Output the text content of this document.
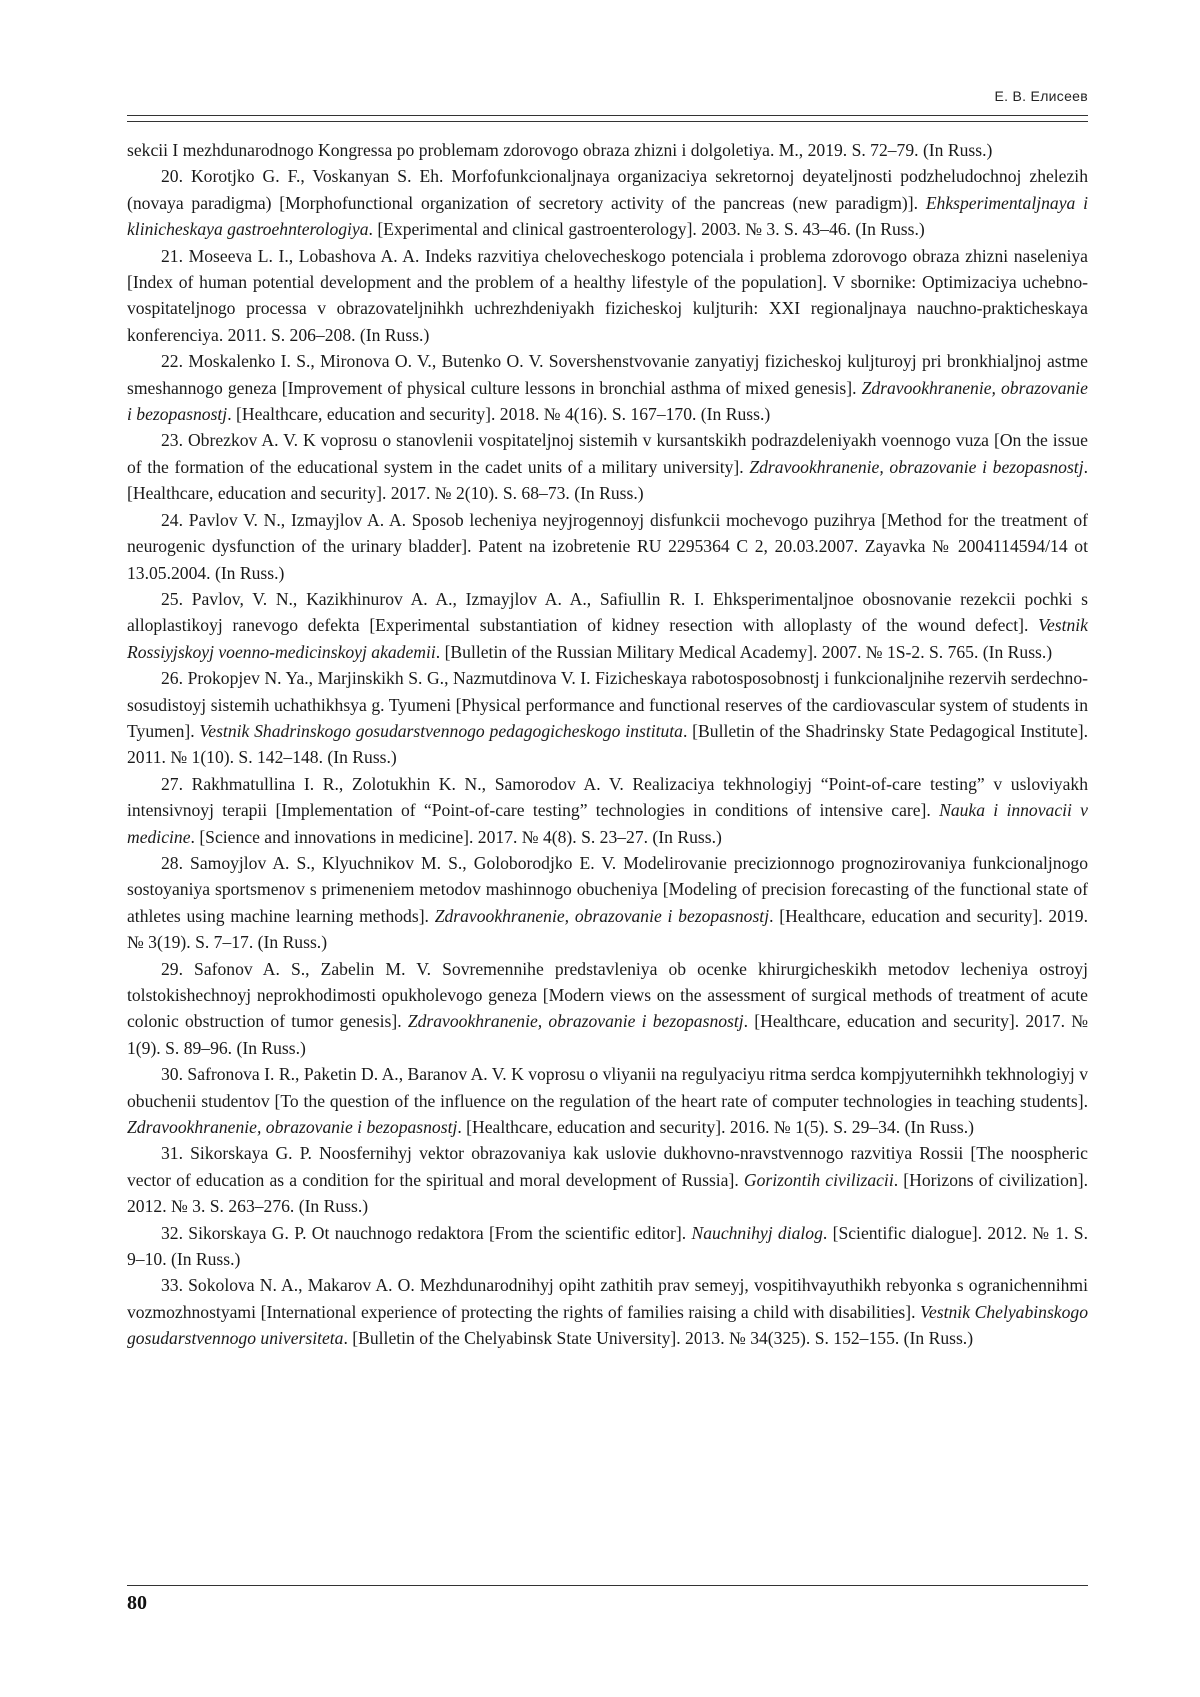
Е. В. Елисеев

sekcii I mezhdunarodnogo Kongressa po problemam zdorovogo obraza zhizni i dolgoletiya. M., 2019. S. 72–79. (In Russ.)

20. Korotjko G. F., Voskanyan S. Eh. Morfofunkcionaljnaya organizaciya sekretornoj deyateljnosti podzheludochnoj zhelezih (novaya paradigma) [Morphofunctional organization of secretory activity of the pancreas (new paradigm)]. Ehksperimentaljnaya i klinicheskaya gastroehnterologiya. [Experimental and clinical gastroenterology]. 2003. № 3. S. 43–46. (In Russ.)

21. Moseeva L. I., Lobashova A. A. Indeks razvitiya chelovecheskogo potenciala i problema zdorovogo obraza zhizni naseleniya [Index of human potential development and the problem of a healthy lifestyle of the population]. V sbornike: Optimizaciya uchebno-vospitateljnogo processa v obrazovateljnihkh uchrezhdeniyakh fizicheskoj kuljturih: XXI regionaljnaya nauchno-prakticheskaya konferenciya. 2011. S. 206–208. (In Russ.)

22. Moskalenko I. S., Mironova O. V., Butenko O. V. Sovershenstvovanie zanyatiyj fizicheskoj kuljturoyj pri bronkhialjnoj astme smeshannogo geneza [Improvement of physical culture lessons in bronchial asthma of mixed genesis]. Zdravookhranenie, obrazovanie i bezopasnostj. [Healthcare, education and security]. 2018. № 4(16). S. 167–170. (In Russ.)

23. Obrezkov A. V. K voprosu o stanovlenii vospitateljnoj sistemih v kursantskikh podrazdeleniyakh voennogo vuza [On the issue of the formation of the educational system in the cadet units of a military university]. Zdravookhranenie, obrazovanie i bezopasnostj. [Healthcare, education and security]. 2017. № 2(10). S. 68–73. (In Russ.)

24. Pavlov V. N., Izmayjlov A. A. Sposob lecheniya neyjrogennoyj disfunkcii mochevogo puzihrya [Method for the treatment of neurogenic dysfunction of the urinary bladder]. Patent na izobretenie RU 2295364 C 2, 20.03.2007. Zayavka № 2004114594/14 ot 13.05.2004. (In Russ.)

25. Pavlov, V. N., Kazikhinurov A. A., Izmayjlov A. A., Safiullin R. I. Ehksperimentaljnoe obosnovanie rezekcii pochki s alloplastikoyj ranevogo defekta [Experimental substantiation of kidney resection with alloplasty of the wound defect]. Vestnik Rossiyjskoyj voenno-medicinskoyj akademii. [Bulletin of the Russian Military Medical Academy]. 2007. № 1S-2. S. 765. (In Russ.)

26. Prokopjev N. Ya., Marjinskikh S. G., Nazmutdinova V. I. Fizicheskaya rabotosposobnostj i funkcionaljnihe rezervih serdechno-sosudistoyj sistemih uchathikhsya g. Tyumeni [Physical performance and functional reserves of the cardiovascular system of students in Tyumen]. Vestnik Shadrinskogo gosudarstvennogo pedagogicheskogo instituta. [Bulletin of the Shadrinsky State Pedagogical Institute]. 2011. № 1(10). S. 142–148. (In Russ.)

27. Rakhmatullina I. R., Zolotukhin K. N., Samorodov A. V. Realizaciya tekhnologiyj “Point-of-care testing” v usloviyakh intensivnoyj terapii [Implementation of “Point-of-care testing” technologies in conditions of intensive care]. Nauka i innovacii v medicine. [Science and innovations in medicine]. 2017. № 4(8). S. 23–27. (In Russ.)

28. Samoyjlov A. S., Klyuchnikov M. S., Goloborodjko E. V. Modelirovanie precizionnogo prognozirovaniya funkcionaljnogo sostoyaniya sportsmenov s primeneniem metodov mashinnogo obucheniya [Modeling of precision forecasting of the functional state of athletes using machine learning methods]. Zdravookhranenie, obrazovanie i bezopasnostj. [Healthcare, education and security]. 2019. № 3(19). S. 7–17. (In Russ.)

29. Safonov A. S., Zabelin M. V. Sovremennihe predstavleniya ob ocenke khirurgicheskikh metodov lecheniya ostroyj tolstokishechnoyj neprokhodimosti opukholevogo geneza [Modern views on the assessment of surgical methods of treatment of acute colonic obstruction of tumor genesis]. Zdravookhranenie, obrazovanie i bezopasnostj. [Healthcare, education and security]. 2017. № 1(9). S. 89–96. (In Russ.)

30. Safronova I. R., Paketin D. A., Baranov A. V. K voprosu o vliyanii na regulyaciyu ritma serdca kompjyuternihkh tekhnologiyj v obuchenii studentov [To the question of the influence on the regulation of the heart rate of computer technologies in teaching students]. Zdravookhranenie, obrazovanie i bezopasnostj. [Healthcare, education and security]. 2016. № 1(5). S. 29–34. (In Russ.)

31. Sikorskaya G. P. Noosfernihyj vektor obrazovaniya kak uslovie dukhovno-nravstvennogo razvitiya Rossii [The noospheric vector of education as a condition for the spiritual and moral development of Russia]. Gorizontih civilizacii. [Horizons of civilization]. 2012. № 3. S. 263–276. (In Russ.)

32. Sikorskaya G. P. Ot nauchnogo redaktora [From the scientific editor]. Nauchnihyj dialog. [Scientific dialogue]. 2012. № 1. S. 9–10. (In Russ.)

33. Sokolova N. A., Makarov A. O. Mezhdunarodnihyj opiht zathitih prav semeyj, vospitihvayuthikh rebyonka s ogranichennihmi vozmozhnostyami [International experience of protecting the rights of families raising a child with disabilities]. Vestnik Chelyabinskogo gosudarstvennogo universiteta. [Bulletin of the Chelyabinsk State University]. 2013. № 34(325). S. 152–155. (In Russ.)

80
